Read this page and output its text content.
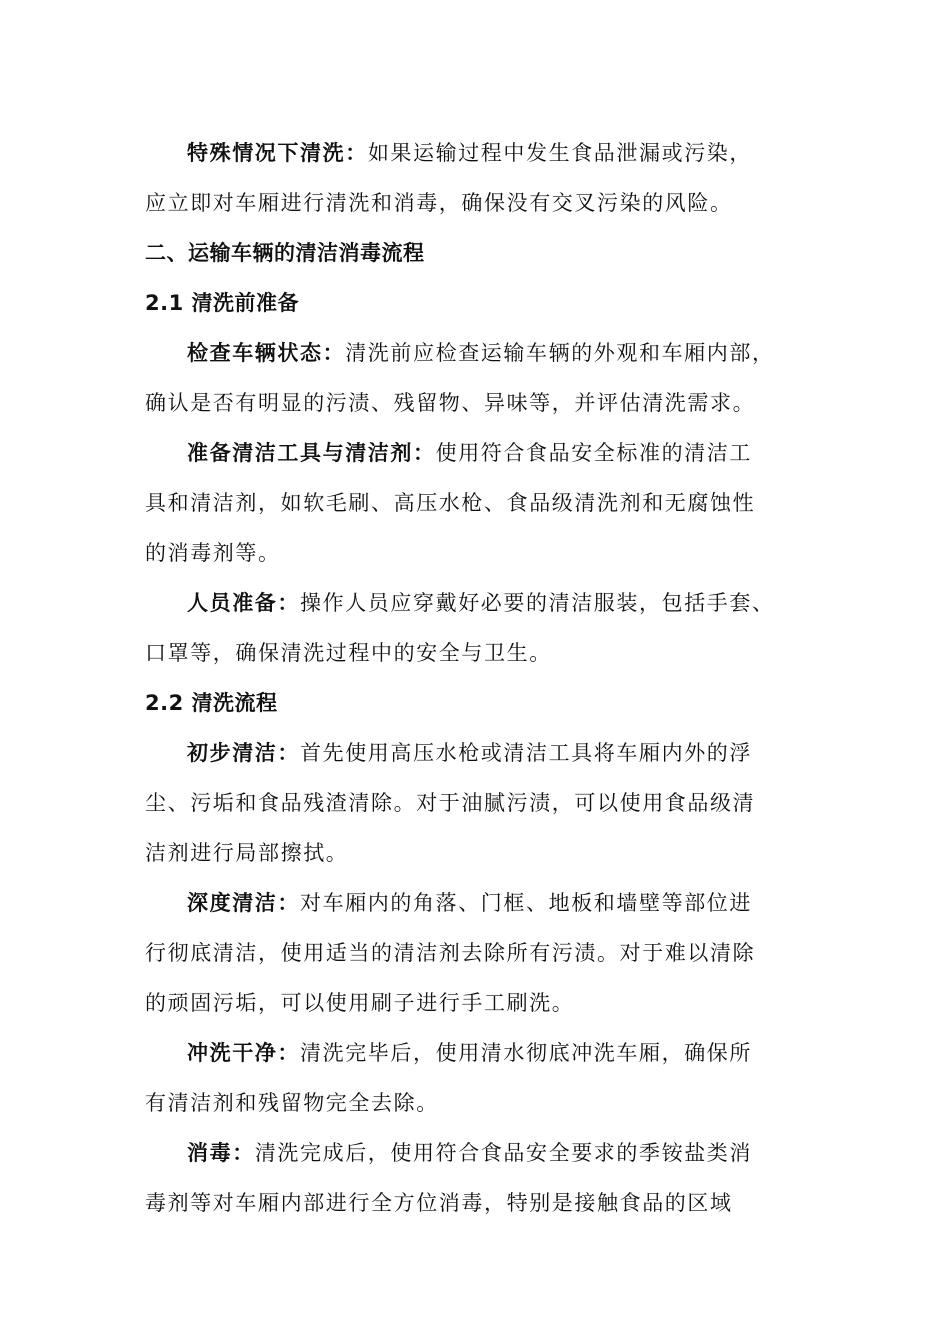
特殊情况下清洗：如果运输过程中发生食品泄漏或污染，
应立即对车厢进行清洗和消毒，确保没有交叉污染的风险。
二、运输车辆的清洁消毒流程
2.1 清洗前准备
检查车辆状态：清洗前应检查运输车辆的外观和车厢内部，
确认是否有明显的污渍、残留物、异味等，并评估清洗需求。
准备清洁工具与清洁剂：使用符合食品安全标准的清洁工
具和清洁剂，如软毛刷、高压水枪、食品级清洗剂和无腐蚀性
的消毒剂等。
人员准备：操作人员应穿戴好必要的清洁服装，包括手套、
口罩等，确保清洗过程中的安全与卫生。
2.2 清洗流程
初步清洁：首先使用高压水枪或清洁工具将车厢内外的浮
尘、污垢和食品残渣清除。对于油腻污渍，可以使用食品级清
洁剂进行局部擦拭。
深度清洁：对车厢内的角落、门框、地板和墙壁等部位进
行彻底清洁，使用适当的清洁剂去除所有污渍。对于难以清除
的顽固污垢，可以使用刷子进行手工刷洗。
冲洗干净：清洗完毕后，使用清水彻底冲洗车厢，确保所
有清洁剂和残留物完全去除。
消毒：清洗完成后，使用符合食品安全要求的季铵盐类消
毒剂等对车厢内部进行全方位消毒，特别是接触食品的区域
